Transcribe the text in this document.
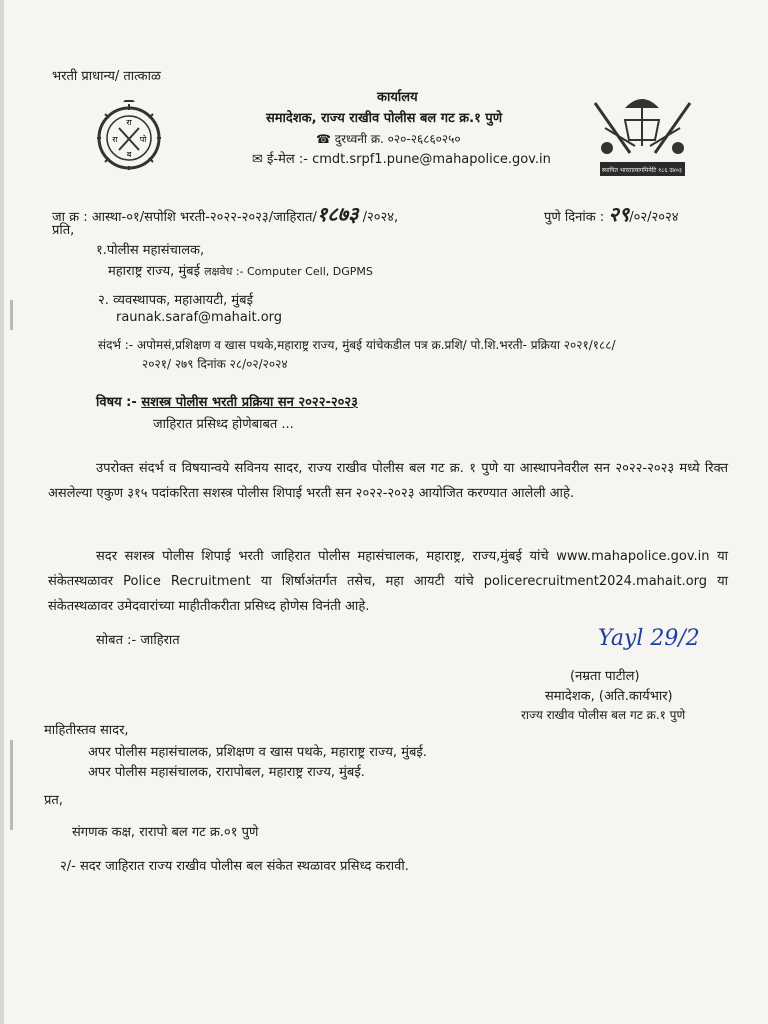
भरती प्राधान्य/ तात्काळ
रा
रा	पो
ब
कार्यालय
समादेशक, राज्य राखीव पोलीस बल गट क्र.१ पुणे
☎ दुरध्वनी क्र. ०२०-२६८६०२५०
✉ ई-मेल :- cmdt.srpf1.pune@mahapolice.gov.in
स्थापित भारतात्यागमिनेटि १८६ उ४०३
जा क्र : आस्था-०१/सपोशि भरती-२०२२-२०२३/जाहिरात/१८७३ /२०२४,	पुणे दिनांक : २९/०२/२०२४
प्रति,
१.पोलीस महासंचालक,
महाराष्ट्र राज्य, मुंबई लक्षवेध :- Computer Cell, DGPMS
२. व्यवस्थापक, महाआयटी, मुंबई
raunak.saraf@mahait.org
संदर्भ :- अपोमसं,प्रशिक्षण व खास पथके,महाराष्ट्र राज्य, मुंबई यांचेकडील पत्र क्र.प्रशि/ पो.शि.भरती- प्रक्रिया २०२१/१८८/
२०२१/ २७९ दिनांक २८/०२/२०२४
विषय :- सशस्त्र पोलीस भरती प्रक्रिया सन २०२२-२०२३
जाहिरात प्रसिध्द होणेबाबत ...
उपरोक्त संदर्भ व विषयान्वये सविनय सादर, राज्य राखीव पोलीस बल गट क्र. १ पुणे या आस्थापनेवरील सन २०२२-२०२३ मध्ये रिक्त असलेल्या एकुण ३१५ पदांकरिता सशस्त्र पोलीस शिपाई भरती सन २०२२-२०२३ आयोजित करण्यात आलेली आहे.
सदर सशस्त्र पोलीस शिपाई भरती जाहिरात पोलीस महासंचालक, महाराष्ट्र, राज्य,मुंबई यांचे www.mahapolice.gov.in या संकेतस्थळावर Police Recruitment या शिर्षाअंतर्गत तसेच, महा आयटी यांचे policerecruitment2024.mahait.org या संकेतस्थळावर उमेदवारांच्या माहीतीकरीता प्रसिध्द होणेस विनंती आहे.
सोबत :- जाहिरात	Yayl 29/2
(नम्रता पाटील)
समादेशक, (अति.कार्यभार)
राज्य राखीव पोलीस बल गट क्र.१ पुणे
माहितीस्तव सादर,
अपर पोलीस महासंचालक, प्रशिक्षण व खास पथके, महाराष्ट्र राज्य, मुंबई.
अपर पोलीस महासंचालक, रारापोबल, महाराष्ट्र राज्य, मुंबई.
प्रत,
संगणक कक्ष, रारापो बल गट क्र.०१ पुणे
२/- सदर जाहिरात राज्य राखीव पोलीस बल संकेत स्थळावर प्रसिध्द करावी.
